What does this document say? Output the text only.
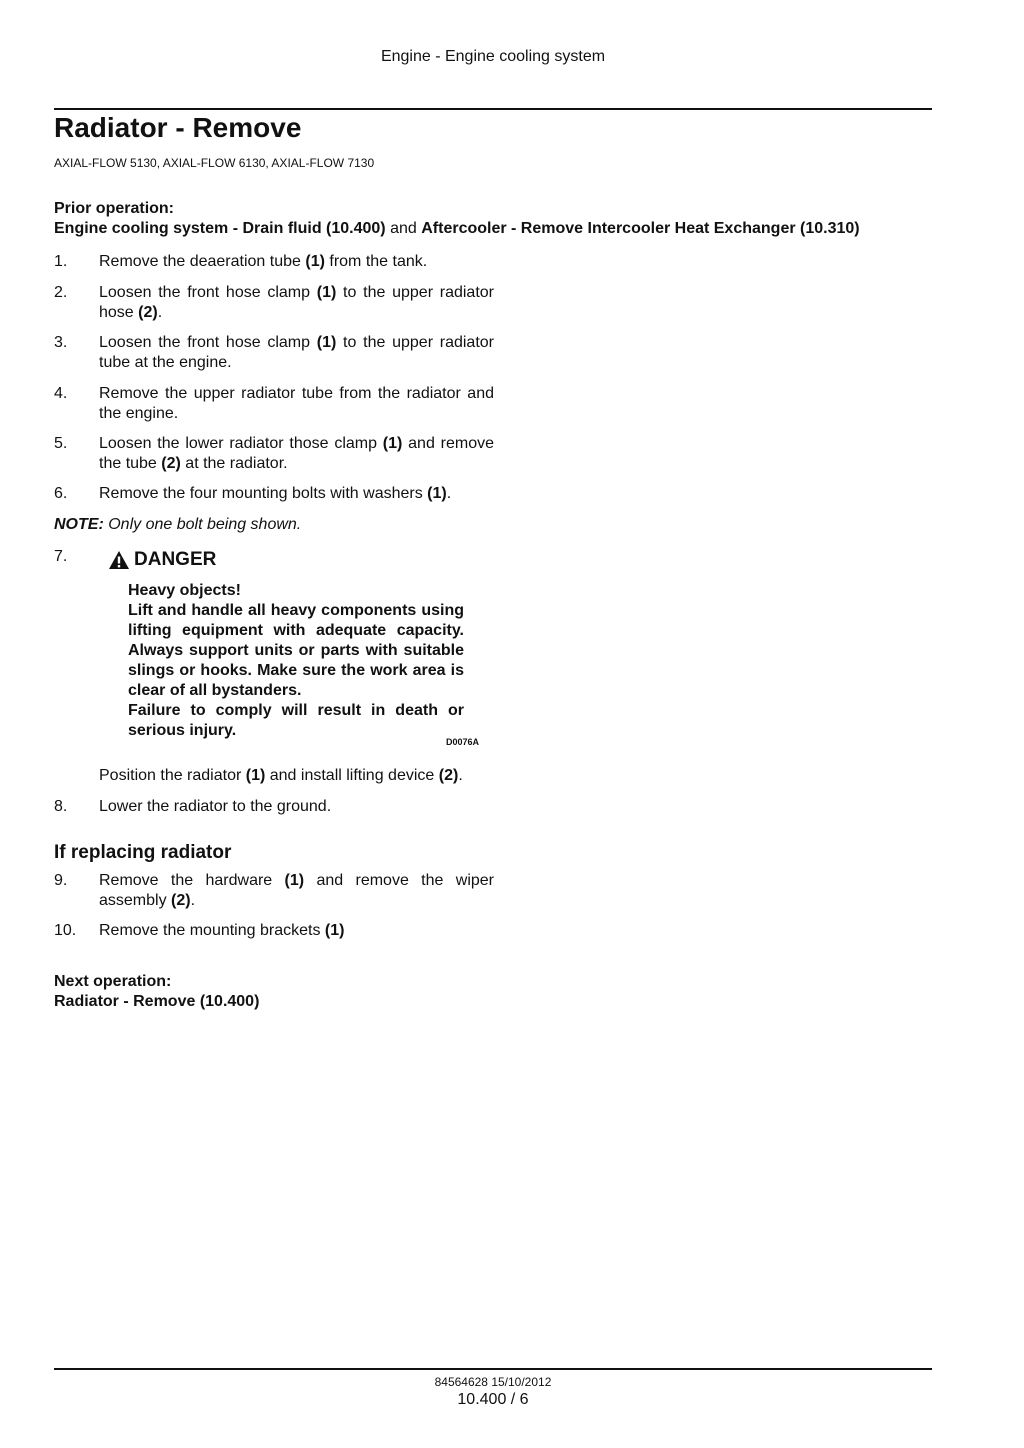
Engine - Engine cooling system
Radiator - Remove
AXIAL-FLOW 5130, AXIAL-FLOW 6130, AXIAL-FLOW 7130
Prior operation:
Engine cooling system - Drain fluid (10.400) and Aftercooler - Remove Intercooler Heat Exchanger (10.310)
1. Remove the deaeration tube (1) from the tank.
2. Loosen the front hose clamp (1) to the upper radiator hose (2).
3. Loosen the front hose clamp (1) to the upper radiator tube at the engine.
4. Remove the upper radiator tube from the radiator and the engine.
5. Loosen the lower radiator those clamp (1) and remove the tube (2) at the radiator.
6. Remove the four mounting bolts with washers (1).
NOTE: Only one bolt being shown.
7.	DANGER
Heavy objects!
Lift and handle all heavy components using lifting equipment with adequate capacity. Always support units or parts with suitable slings or hooks. Make sure the work area is clear of all bystanders.
Failure to comply will result in death or serious injury.
D0076A
Position the radiator (1) and install lifting device (2).
8. Lower the radiator to the ground.
If replacing radiator
9. Remove the hardware (1) and remove the wiper assembly (2).
10. Remove the mounting brackets (1)
Next operation:
Radiator - Remove (10.400)
84564628 15/10/2012
10.400 / 6
